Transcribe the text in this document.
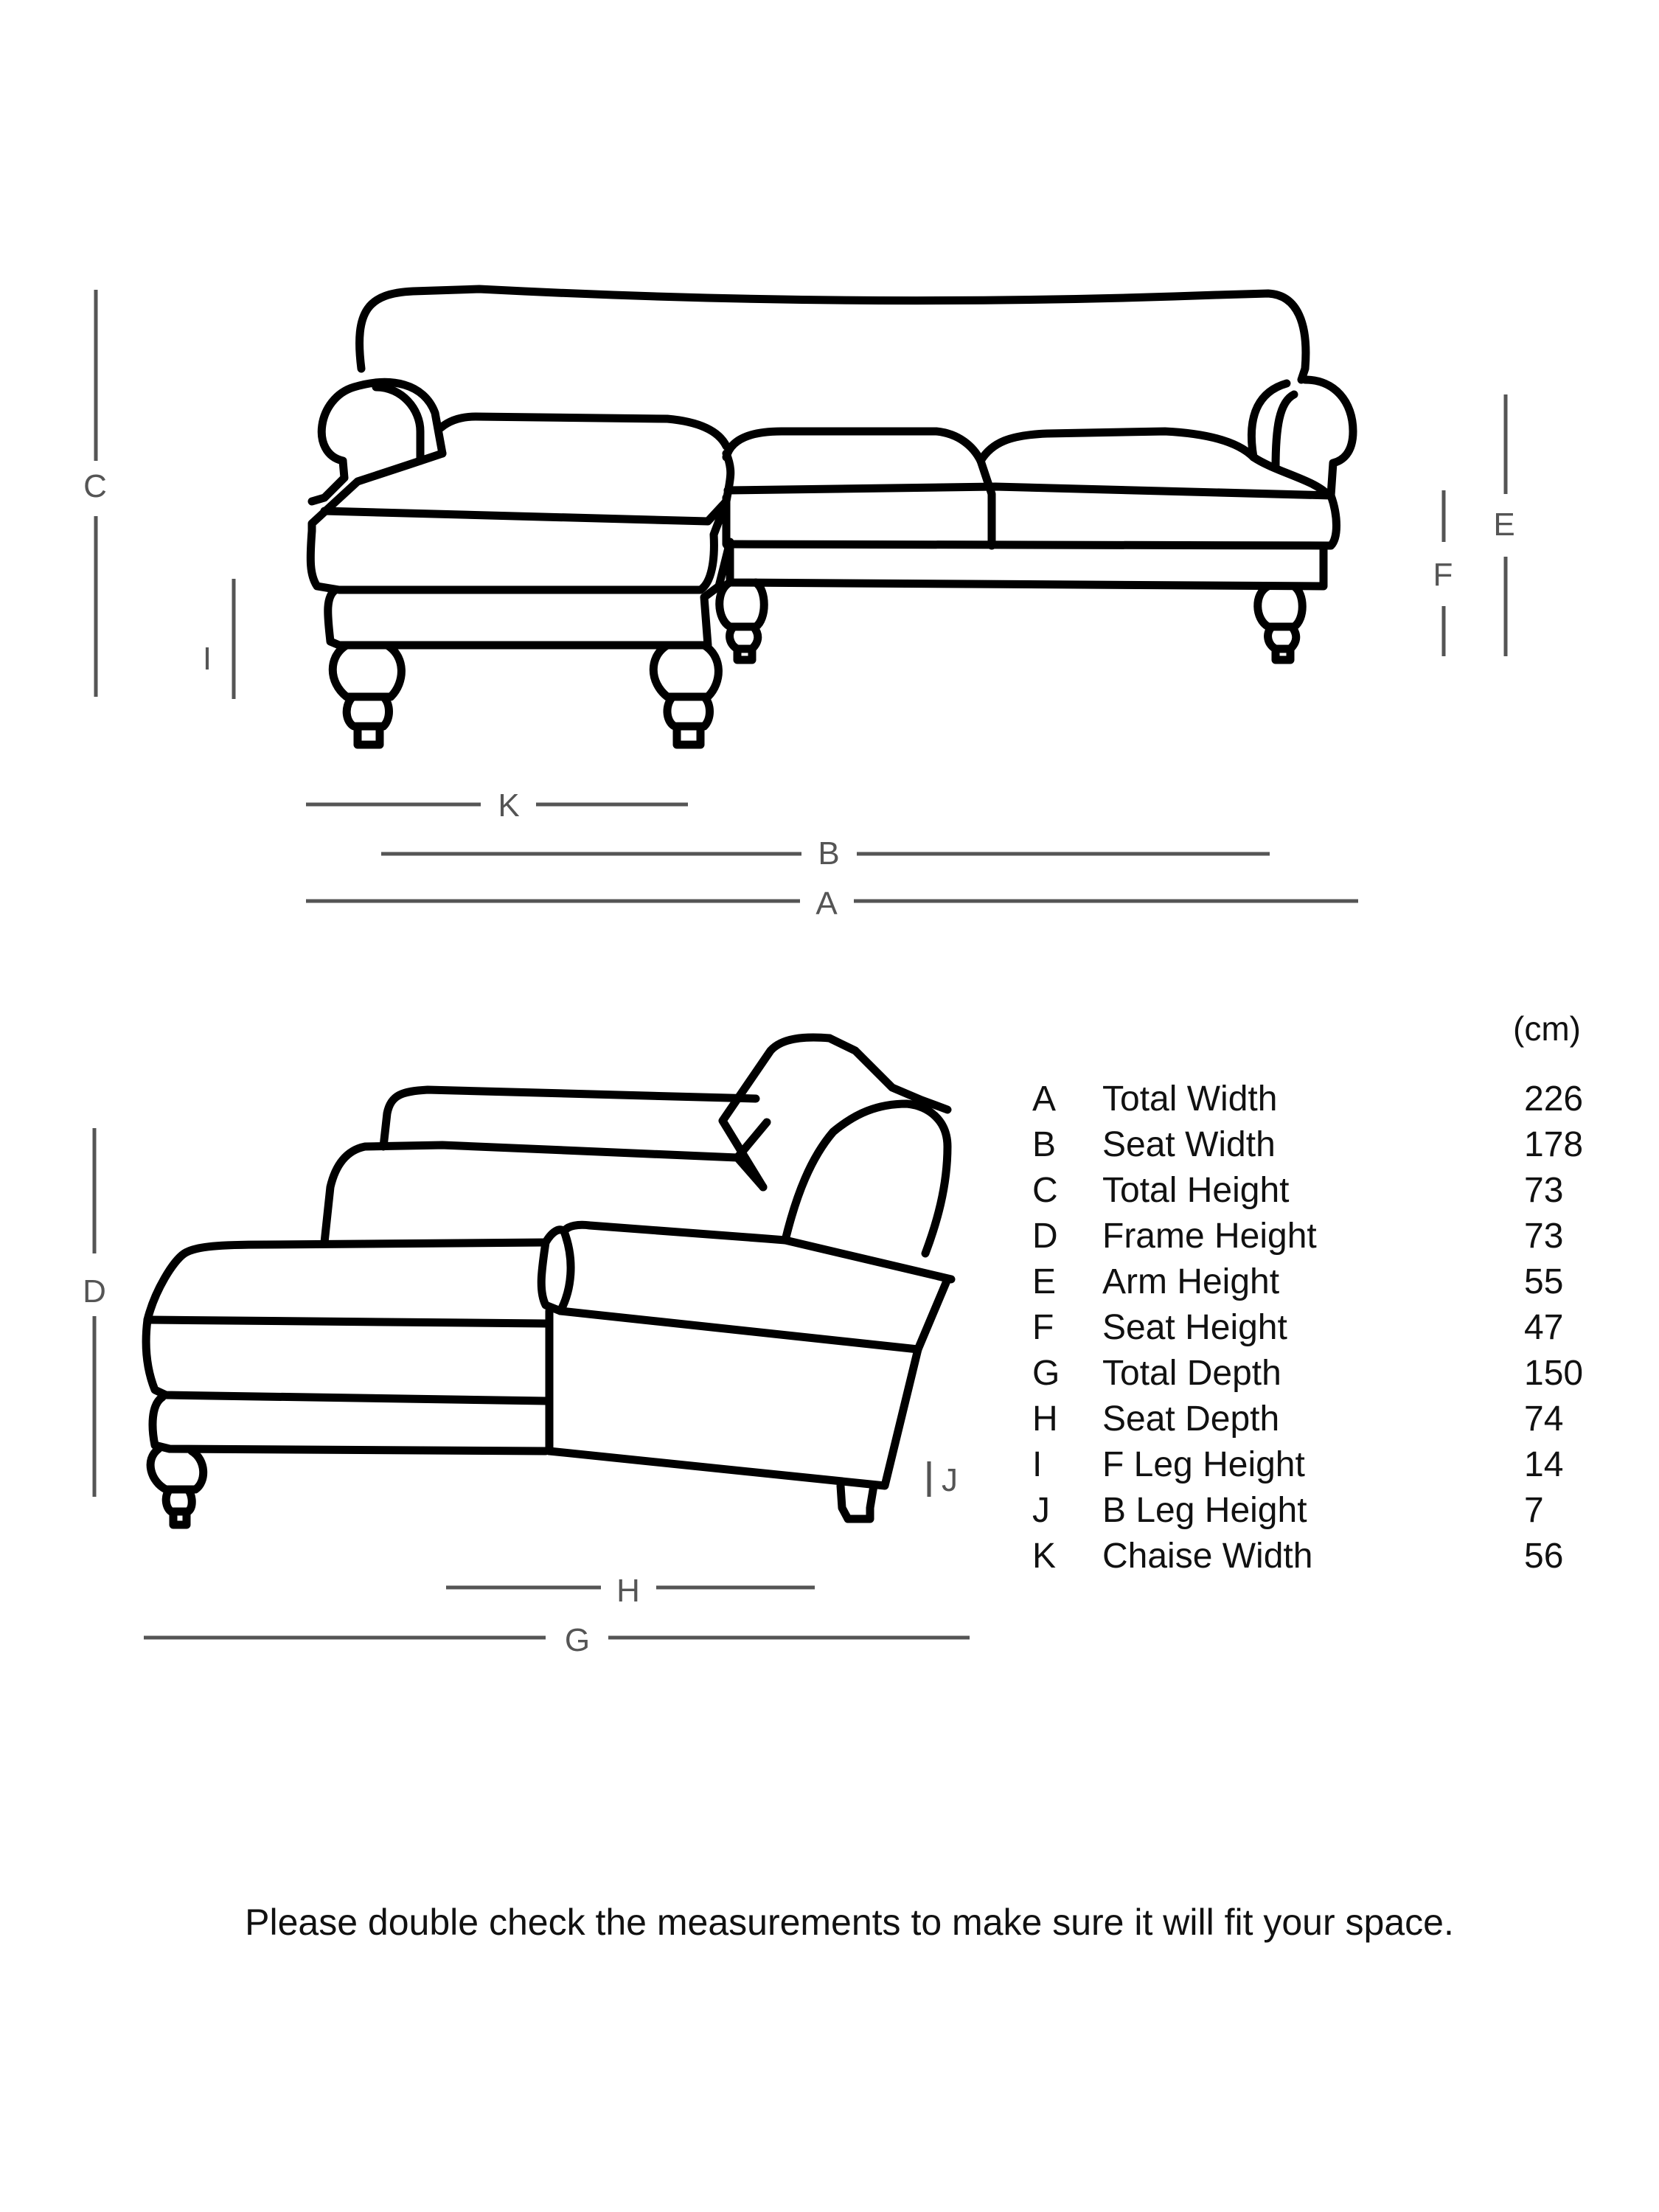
C
I
E
F
K
B
A
D
J
H
G
(cm)
A Total Width	226
B Seat Width	178
C Total Height	73
D Frame Height	73
E Arm Height	55
F Seat Height	47
G Total Depth	150
H Seat Depth	74
I F Leg Height	14
J B Leg Height	7
K Chaise Width	56
Please double check the measurements to make sure it will fit your space.
